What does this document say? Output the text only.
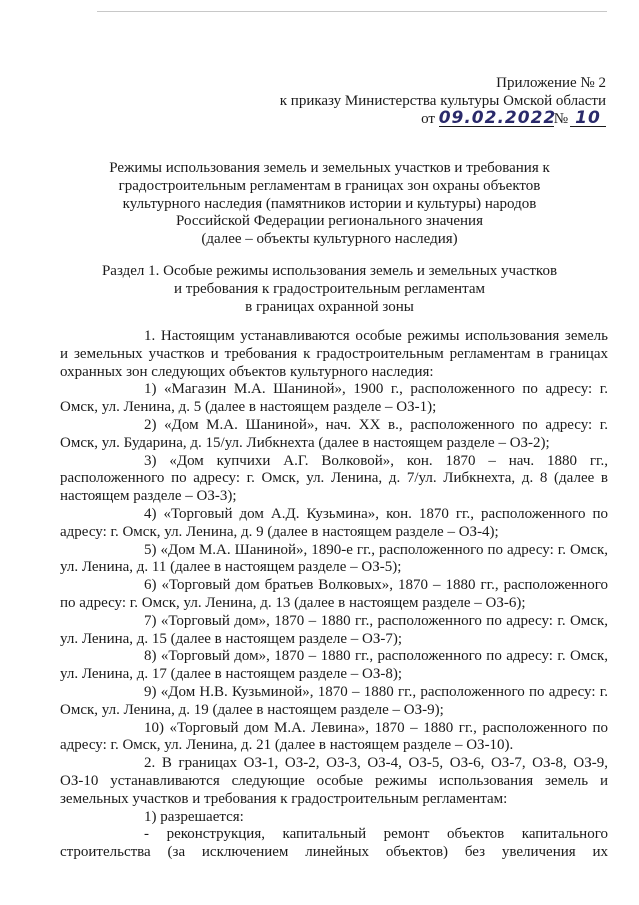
Приложение № 2
к приказу Министерства культуры Омской области
от 09.02.2022№ 10
Режимы использования земель и земельных участков и требования к
градостроительным регламентам в границах зон охраны объектов
культурного наследия (памятников истории и культуры) народов
Российской Федерации регионального значения
(далее – объекты культурного наследия)
Раздел 1. Особые режимы использования земель и земельных участков
и требования к градостроительным регламентам
в границах охранной зоны

1. Настоящим устанавливаются особые режимы использования земель и земельных участков и требования к градостроительным регламентам в границах охранных зон следующих объектов культурного наследия:

1) «Магазин М.А. Шаниной», 1900 г., расположенного по адресу: г. Омск, ул. Ленина, д. 5 (далее в настоящем разделе – ОЗ-1);

2) «Дом М.А. Шаниной», нач. XX в., расположенного по адресу: г. Омск, ул. Бударина, д. 15/ул. Либкнехта (далее в настоящем разделе – ОЗ-2);

3) «Дом купчихи А.Г. Волковой», кон. 1870 – нач. 1880 гг., расположенного по адресу: г. Омск, ул. Ленина, д. 7/ул. Либкнехта, д. 8 (далее в настоящем разделе – ОЗ-3);

4) «Торговый дом А.Д. Кузьмина», кон. 1870 гг., расположенного по адресу: г. Омск, ул. Ленина, д. 9 (далее в настоящем разделе – ОЗ-4);

5) «Дом М.А. Шаниной», 1890-е гг., расположенного по адресу: г. Омск, ул. Ленина, д. 11 (далее в настоящем разделе – ОЗ-5);

6) «Торговый дом братьев Волковых», 1870 – 1880 гг., расположенного по адресу: г. Омск, ул. Ленина, д. 13 (далее в настоящем разделе – ОЗ-6);

7) «Торговый дом», 1870 – 1880 гг., расположенного по адресу: г. Омск, ул. Ленина, д. 15 (далее в настоящем разделе – ОЗ-7);

8) «Торговый дом», 1870 – 1880 гг., расположенного по адресу: г. Омск, ул. Ленина, д. 17 (далее в настоящем разделе – ОЗ-8);

9) «Дом Н.В. Кузьминой», 1870 – 1880 гг., расположенного по адресу: г. Омск, ул. Ленина, д. 19 (далее в настоящем разделе – ОЗ-9);

10) «Торговый дом М.А. Левина», 1870 – 1880 гг., расположенного по адресу: г. Омск, ул. Ленина, д. 21 (далее в настоящем разделе – ОЗ-10).

2. В границах ОЗ-1, ОЗ-2, ОЗ-3, ОЗ-4, ОЗ-5, ОЗ-6, ОЗ-7, ОЗ-8, ОЗ-9, ОЗ-10 устанавливаются следующие особые режимы использования земель и земельных участков и требования к градостроительным регламентам:

1) разрешается:

- реконструкция, капитальный ремонт объектов капитального строительства (за исключением линейных объектов) без увеличения их
